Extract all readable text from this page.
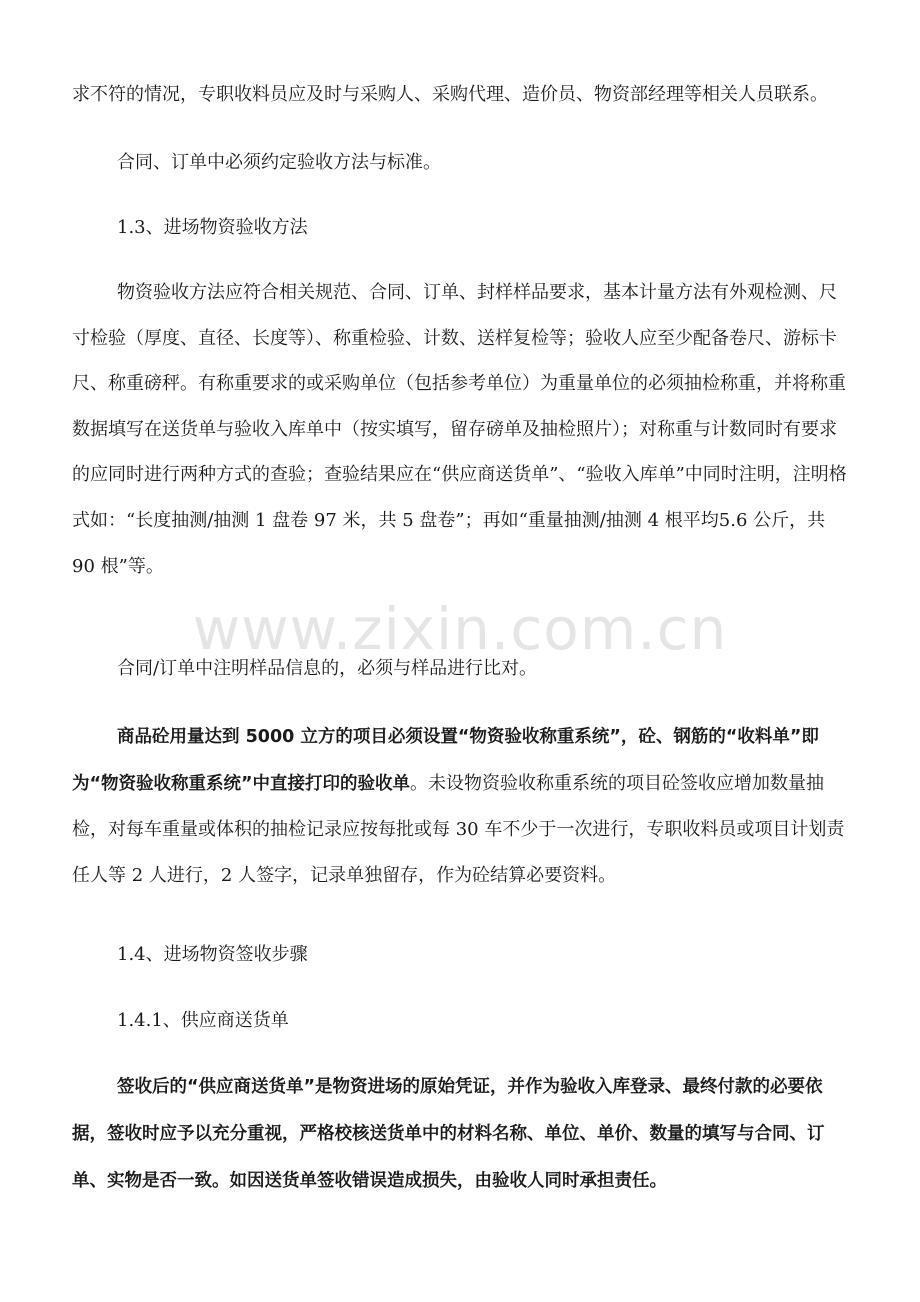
求不符的情况，专职收料员应及时与采购人、采购代理、造价员、物资部经理等相关人员联系。

合同、订单中必须约定验收方法与标准。

1.3、进场物资验收方法

物资验收方法应符合相关规范、合同、订单、封样样品要求，基本计量方法有外观检测、尺寸检验（厚度、直径、长度等）、称重检验、计数、送样复检等；验收人应至少配备卷尺、游标卡尺、称重磅秤。有称重要求的或采购单位（包括参考单位）为重量单位的必须抽检称重，并将称重数据填写在送货单与验收入库单中（按实填写，留存磅单及抽检照片）；对称重与计数同时有要求的应同时进行两种方式的查验；查验结果应在“供应商送货单”、“验收入库单”中同时注明，注明格式如：“长度抽测/抽测 1 盘卷 97 米，共 5 盘卷”；再如“重量抽测/抽测 4 根平均5.6 公斤，共 90 根”等。

合同/订单中注明样品信息的，必须与样品进行比对。

商品砼用量达到 5000 立方的项目必须设置“物资验收称重系统”，砼、钢筋的“收料单”即为“物资验收称重系统”中直接打印的验收单。未设物资验收称重系统的项目砼签收应增加数量抽检，对每车重量或体积的抽检记录应按每批或每 30 车不少于一次进行，专职收料员或项目计划责任人等 2 人进行，2 人签字，记录单独留存，作为砼结算必要资料。

1.4、进场物资签收步骤

1.4.1、供应商送货单

签收后的“供应商送货单”是物资进场的原始凭证，并作为验收入库登录、最终付款的必要依据，签收时应予以充分重视，严格校核送货单中的材料名称、单位、单价、数量的填写与合同、订单、实物是否一致。如因送货单签收错误造成损失，由验收人同时承担责任。

www.zixin.com.cn
